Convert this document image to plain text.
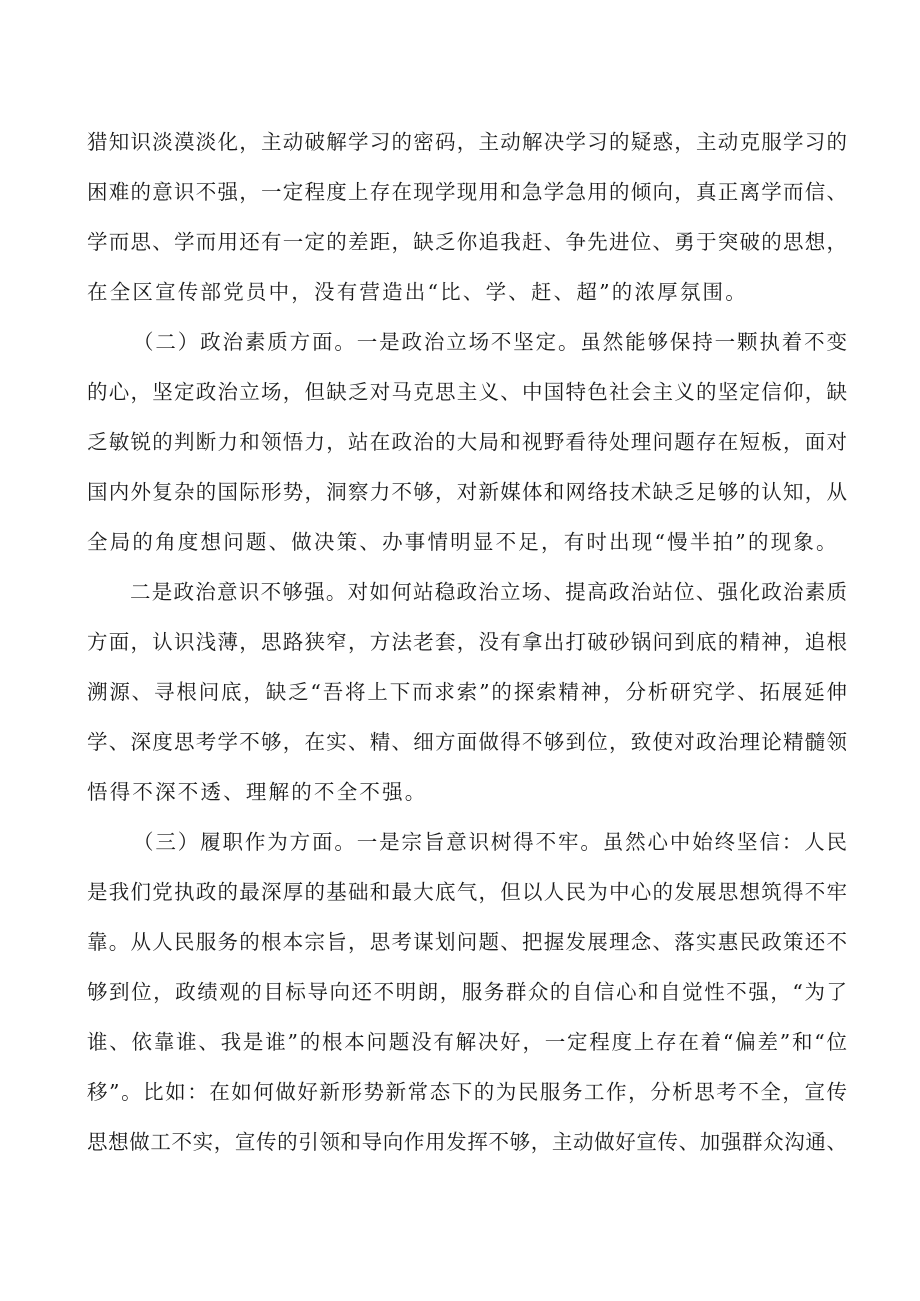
猎知识淡漠淡化，主动破解学习的密码，主动解决学习的疑惑，主动克服学习的
困难的意识不强，一定程度上存在现学现用和急学急用的倾向，真正离学而信、
学而思、学而用还有一定的差距，缺乏你追我赶、争先进位、勇于突破的思想，
在全区宣传部党员中，没有营造出“比、学、赶、超”的浓厚氛围。
（二）政治素质方面。一是政治立场不坚定。虽然能够保持一颗执着不变
的心，坚定政治立场，但缺乏对马克思主义、中国特色社会主义的坚定信仰，缺
乏敏锐的判断力和领悟力，站在政治的大局和视野看待处理问题存在短板，面对
国内外复杂的国际形势，洞察力不够，对新媒体和网络技术缺乏足够的认知，从
全局的角度想问题、做决策、办事情明显不足，有时出现“慢半拍”的现象。
二是政治意识不够强。对如何站稳政治立场、提高政治站位、强化政治素质
方面，认识浅薄，思路狭窄，方法老套，没有拿出打破砂锅问到底的精神，追根
溯源、寻根问底，缺乏“吾将上下而求索”的探索精神，分析研究学、拓展延伸
学、深度思考学不够，在实、精、细方面做得不够到位，致使对政治理论精髓领
悟得不深不透、理解的不全不强。
（三）履职作为方面。一是宗旨意识树得不牢。虽然心中始终坚信：人民
是我们党执政的最深厚的基础和最大底气，但以人民为中心的发展思想筑得不牢
靠。从人民服务的根本宗旨，思考谋划问题、把握发展理念、落实惠民政策还不
够到位，政绩观的目标导向还不明朗，服务群众的自信心和自觉性不强，“为了
谁、依靠谁、我是谁”的根本问题没有解决好，一定程度上存在着“偏差”和“位
移”。比如：在如何做好新形势新常态下的为民服务工作，分析思考不全，宣传
思想做工不实，宣传的引领和导向作用发挥不够，主动做好宣传、加强群众沟通、
